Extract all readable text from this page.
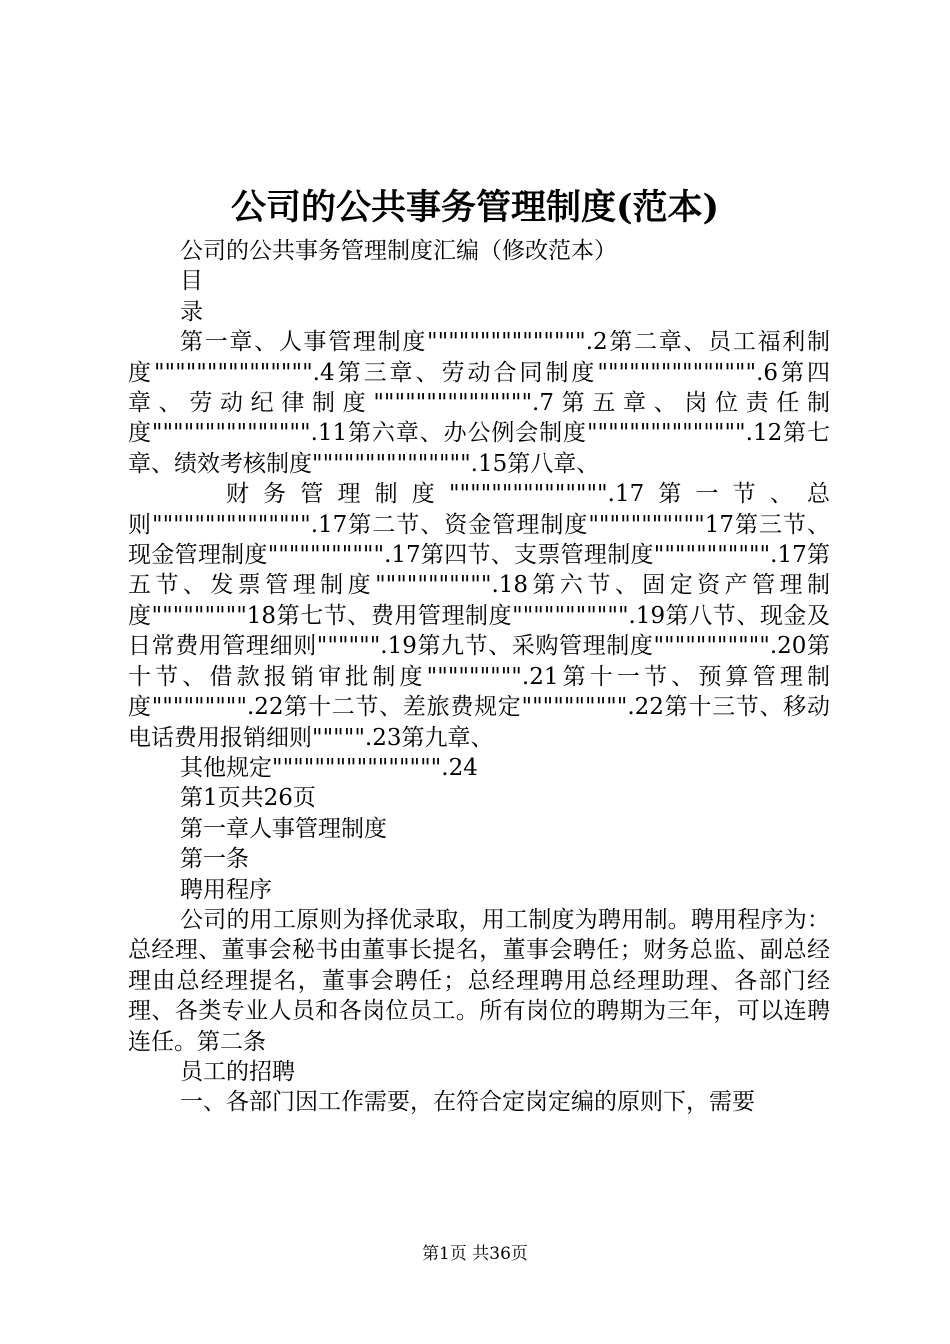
公司的公共事务管理制度(范本)

公司的公共事务管理制度汇编（修改范本）

目

录

第一章、人事管理制度""""""""""""""".2第二章、员工福利制度""""""""""""""".4第三章、劳动合同制度""""""""""""""".6第四章、劳动纪律制度""""""""""""""".7第五章、岗位责任制度""""""""""""""".11第六章、办公例会制度""""""""""""""".12第七章、绩效考核制度""""""""""""""".15第八章、

财务管理制度""""""""""""""".17第一节、总则""""""""""""""".17第二节、资金管理制度"""""""""""17第三节、现金管理制度""""""""""".17第四节、支票管理制度""""""""""".17第五节、发票管理制度""""""""""".18第六节、固定资产管理制度"""""""""18第七节、费用管理制度""""""""""".19第八节、现金及日常费用管理细则"""""".19第九节、采购管理制度""""""""""".20第十节、借款报销审批制度""""""""".21第十一节、预算管理制度""""""""".22第十二节、差旅费规定"""""""""".22第十三节、移动电话费用报销细则""""".23第九章、

其他规定"""""""""""""""".24

第1页共26页

第一章人事管理制度

第一条

聘用程序

公司的用工原则为择优录取，用工制度为聘用制。聘用程序为：总经理、董事会秘书由董事长提名，董事会聘任；财务总监、副总经理由总经理提名，董事会聘任；总经理聘用总经理助理、各部门经理、各类专业人员和各岗位员工。所有岗位的聘期为三年，可以连聘连任。第二条

员工的招聘

一、各部门因工作需要，在符合定岗定编的原则下，需要

第1页 共36页
